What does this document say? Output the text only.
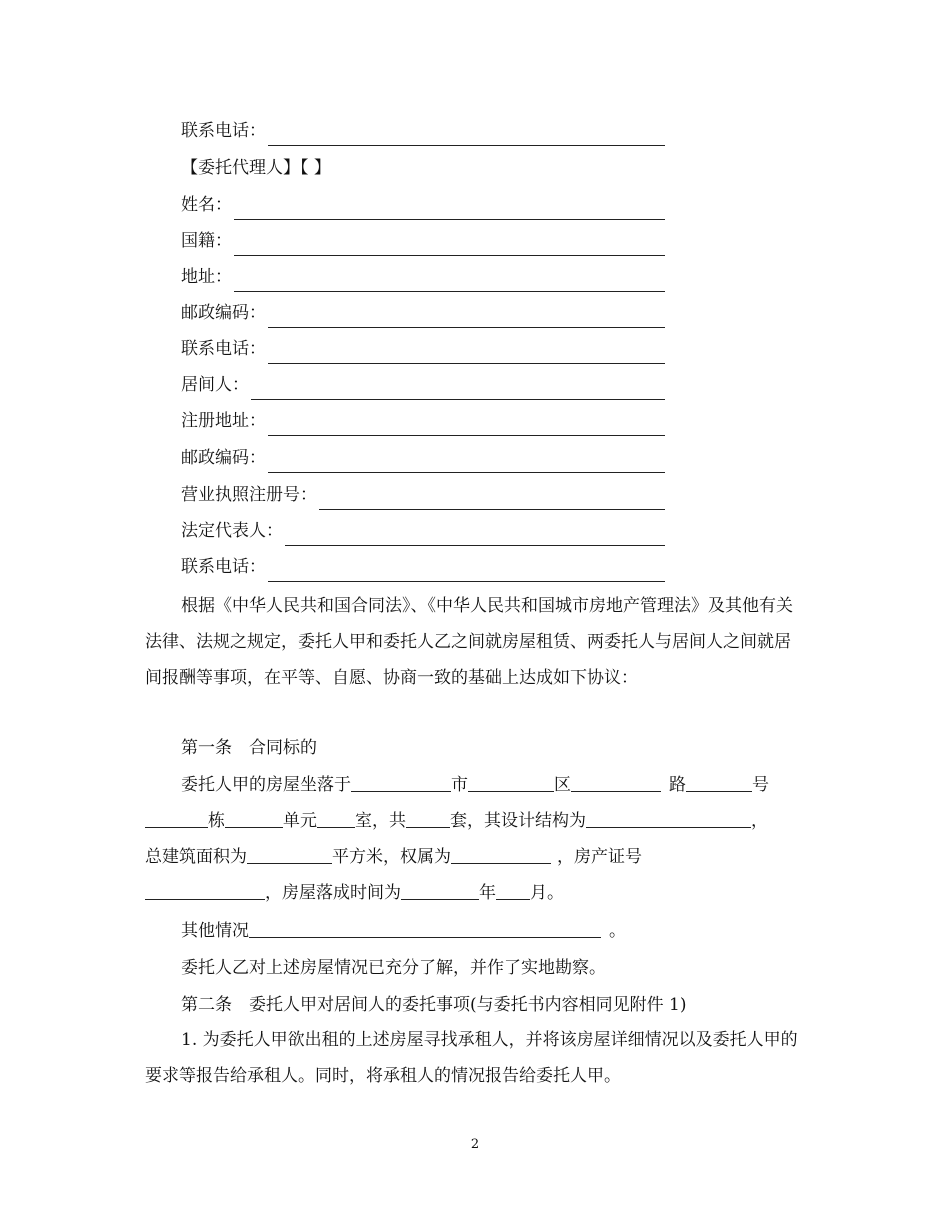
联系电话：
【委托代理人】【 】
姓名：
国籍：
地址：
邮政编码：
联系电话：
居间人：
注册地址：
邮政编码：
营业执照注册号：
法定代表人：
联系电话：
根据《中华人民共和国合同法》、《中华人民共和国城市房地产管理法》及其他有关法律、法规之规定，委托人甲和委托人乙之间就房屋租赁、两委托人与居间人之间就居间报酬等事项，在平等、自愿、协商一致的基础上达成如下协议：
第一条　合同标的
委托人甲的房屋坐落于	市	区	路	号
栋	单元 室，共	套，其设计结构为	，
总建筑面积为	平方米，权属为	，房产证号
，房屋落成时间为	年 月。
其他情况	。
委托人乙对上述房屋情况已充分了解，并作了实地勘察。
第二条　委托人甲对居间人的委托事项(与委托书内容相同见附件 1)
1. 为委托人甲欲出租的上述房屋寻找承租人，并将该房屋详细情况以及委托人甲的要求等报告给承租人。同时，将承租人的情况报告给委托人甲。
2
